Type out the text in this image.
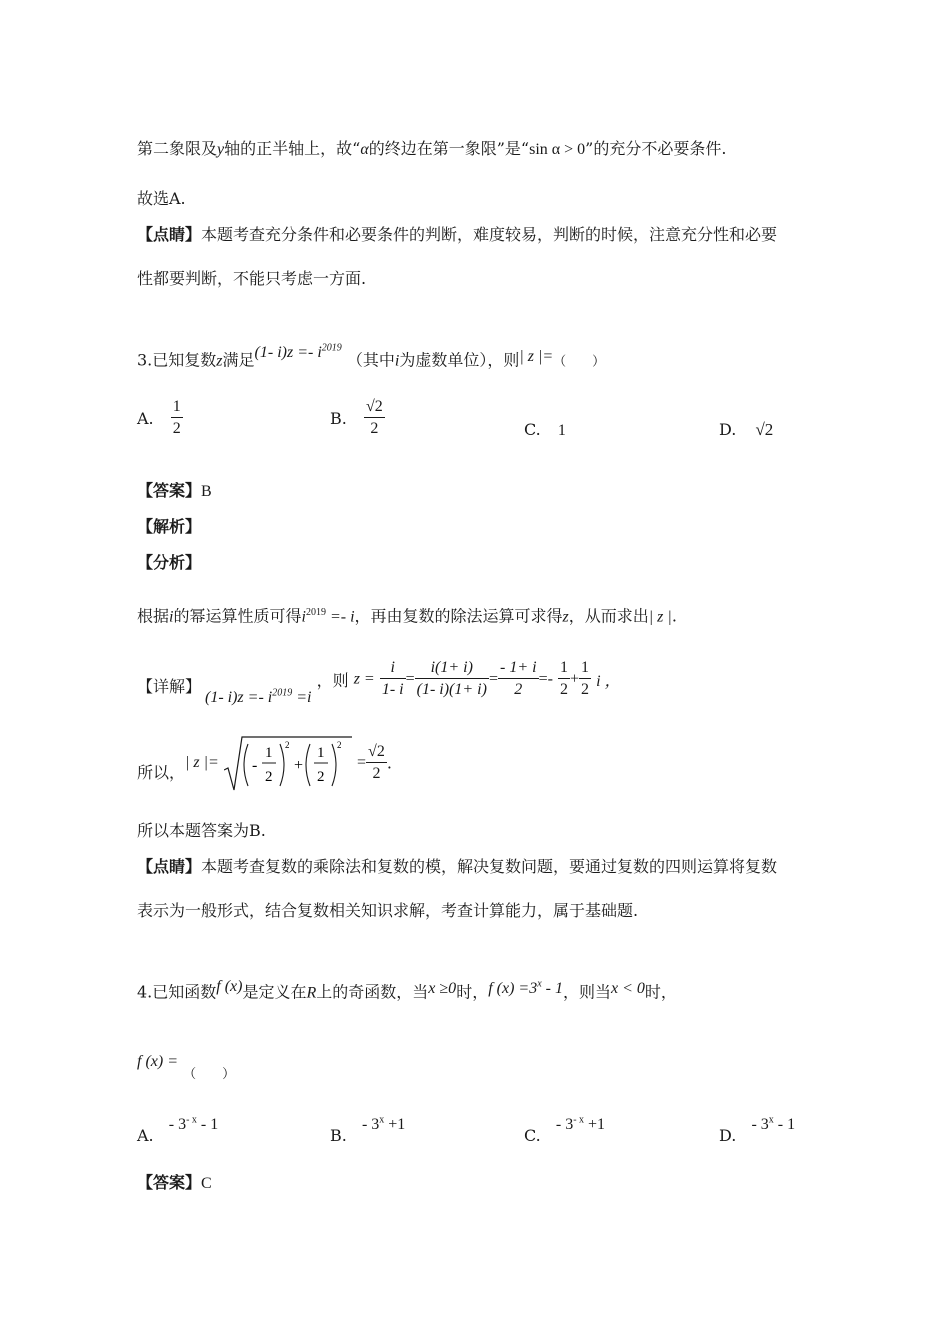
第二象限及y轴的正半轴上，故“α的终边在第一象限”是“sin α > 0”的充分不必要条件.
故选A.
【点睛】本题考查充分条件和必要条件的判断，难度较易，判断的时候，注意充分性和必要
性都要判断，不能只考虑一方面.
3.已知复数z满足(1- $i)z =- i^{2019}$ （其中i为虚数单位），则| z |=（　　）
A. $\frac{1}{2}$	B. $\frac{√2}{2}$	C. 1	D. √2
【答案】B
【解析】
【分析】
根据i的幂运算性质可得$i^{2019} =- i$，再由复数的除法运算可求得z，从而求出| z |.
【详解】
(1- $i)z =- i^{2019} =i$ ，则 $z = \frac{i}{1- i} = \frac{i(1+ i)}{(1- i)(1+ i)} = \frac{- 1+ i}{2} =- \frac{1}{2} + \frac{1}{2}$ i ，
所以，
| z |= -
1
2
2
+
1
2
2
= $\frac{√2}{2}$ .
所以本题答案为B.
【点睛】本题考查复数的乘除法和复数的模，解决复数问题，要通过复数的四则运算将复数
表示为一般形式，结合复数相关知识求解，考查计算能力，属于基础题.
4.已知函数f (x)是定义在R上的奇函数，当x ≥0时，f $(x) =3^x - 1$，则当x < 0时，
f (x) = $_{( )}$
A. - $3^{- x} - 1$
B. - $3^x +1$
C. - $3^{- x} +1$
D. - 3$^x$ - 1
【答案】C
